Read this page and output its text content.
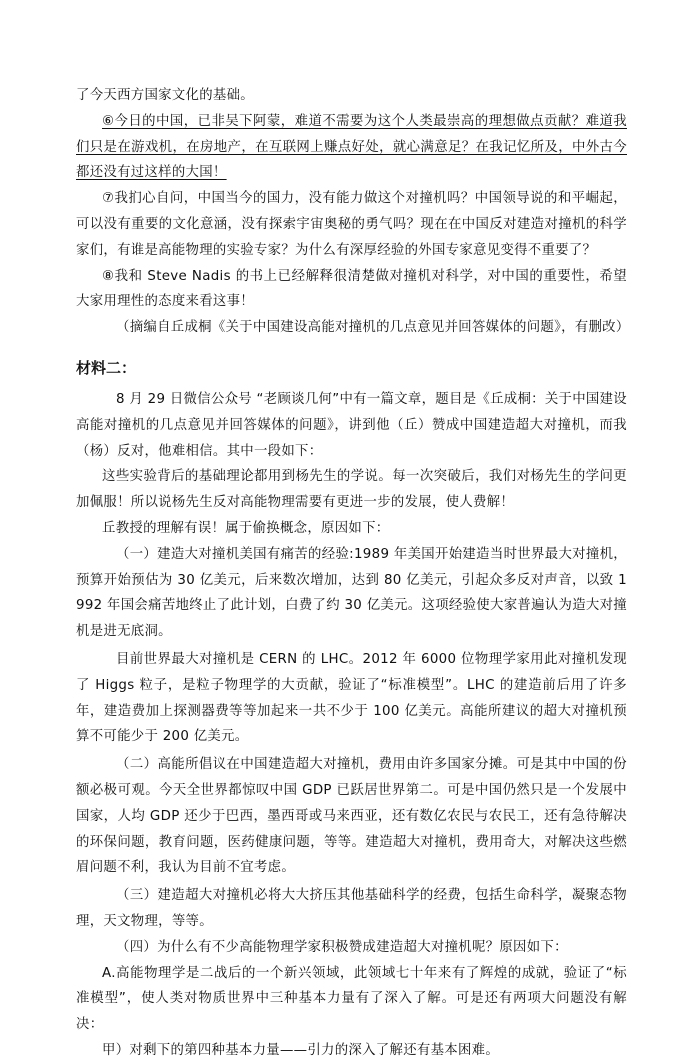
了今天西方国家文化的基础。

⑥今日的中国，已非吴下阿蒙，难道不需要为这个人类最崇高的理想做点贡献？难道我们只是在游戏机，在房地产，在互联网上赚点好处，就心满意足？在我记忆所及，中外古今都还没有过这样的大国！

⑦我扪心自问，中国当今的国力，没有能力做这个对撞机吗？中国领导说的和平崛起，可以没有重要的文化意涵，没有探索宇宙奥秘的勇气吗？现在在中国反对建造对撞机的科学家们，有谁是高能物理的实验专家？为什么有深厚经验的外国专家意见变得不重要了？

⑧我和 Steve Nadis 的书上已经解释很清楚做对撞机对科学，对中国的重要性，希望大家用理性的态度来看这事！

（摘编自丘成桐《关于中国建设高能对撞机的几点意见并回答媒体的问题》，有删改）

材料二：

8 月 29 日微信公众号 “老顾谈几何”中有一篇文章，题目是《丘成桐：关于中国建设高能对撞机的几点意见并回答媒体的问题》，讲到他（丘）赞成中国建造超大对撞机，而我（杨）反对，他难相信。其中一段如下：

这些实验背后的基础理论都用到杨先生的学说。每一次突破后，我们对杨先生的学问更加佩服！所以说杨先生反对高能物理需要有更进一步的发展，使人费解！

丘教授的理解有误！属于偷换概念，原因如下：

（一）建造大对撞机美国有痛苦的经验:1989 年美国开始建造当时世界最大对撞机，预算开始预估为 30 亿美元，后来数次增加，达到 80 亿美元，引起众多反对声音，以致 1992 年国会痛苦地终止了此计划，白费了约 30 亿美元。这项经验使大家普遍认为造大对撞机是进无底洞。

目前世界最大对撞机是 CERN 的 LHC。2012 年 6000 位物理学家用此对撞机发现了 Higgs 粒子，是粒子物理学的大贡献，验证了“标准模型”。LHC 的建造前后用了许多年，建造费加上探测器费等等加起来一共不少于 100 亿美元。高能所建议的超大对撞机预算不可能少于 200 亿美元。

（二）高能所倡议在中国建造超大对撞机，费用由许多国家分摊。可是其中中国的份额必极可观。今天全世界都惊叹中国 GDP 已跃居世界第二。可是中国仍然只是一个发展中国家，人均 GDP 还少于巴西，墨西哥或马来西亚，还有数亿农民与农民工，还有急待解决的环保问题，教育问题，医药健康问题，等等。建造超大对撞机，费用奇大，对解决这些燃眉问题不利，我认为目前不宜考虑。

（三）建造超大对撞机必将大大挤压其他基础科学的经费，包括生命科学，凝聚态物理，天文物理，等等。

（四）为什么有不少高能物理学家积极赞成建造超大对撞机呢？原因如下：

A.高能物理学是二战后的一个新兴领域，此领域七十年来有了辉煌的成就，验证了“标准模型”，使人类对物质世界中三种基本力量有了深入了解。可是还有两项大问题没有解决：

甲）对剩下的第四种基本力量——引力的深入了解还有基本困难。
